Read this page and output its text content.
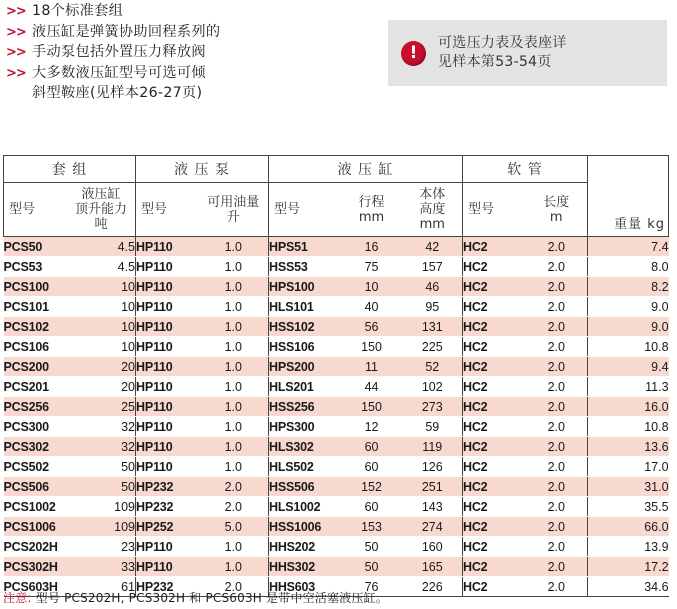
>> 18个标准套组
>> 液压缸是弹簧协助回程系列的
>> 手动泵包括外置压力释放阀
>> 大多数液压缸型号可选可倾
斜型鞍座(见样本26-27页)
!	可选压力表及表座详
见样本第53-54页
套 组		液 压 泵		液 压 缸			软 管		重量 kg
型号	液压缸 顶升能力 吨	型号	可用油量 升	型号	行程 mm	本体 高度 mm	型号	长度 m	
PCS50	4.5	HP110	1.0	HPS51	16	42	HC2	2.0	7.4
PCS53	4.5	HP110	1.0	HSS53	75	157	HC2	2.0	8.0
PCS100	10	HP110	1.0	HPS100	10	46	HC2	2.0	8.2
PCS101	10	HP110	1.0	HLS101	40	95	HC2	2.0	9.0
PCS102	10	HP110	1.0	HSS102	56	131	HC2	2.0	9.0
PCS106	10	HP110	1.0	HSS106	150	225	HC2	2.0	10.8
PCS200	20	HP110	1.0	HPS200	11	52	HC2	2.0	9.4
PCS201	20	HP110	1.0	HLS201	44	102	HC2	2.0	11.3
PCS256	25	HP110	1.0	HSS256	150	273	HC2	2.0	16.0
PCS300	32	HP110	1.0	HPS300	12	59	HC2	2.0	10.8
PCS302	32	HP110	1.0	HLS302	60	119	HC2	2.0	13.6
PCS502	50	HP110	1.0	HLS502	60	126	HC2	2.0	17.0
PCS506	50	HP232	2.0	HSS506	152	251	HC2	2.0	31.0
PCS1002	109	HP232	2.0	HLS1002	60	143	HC2	2.0	35.5
PCS1006	109	HP252	5.0	HSS1006	153	274	HC2	2.0	66.0
PCS202H	23	HP110	1.0	HHS202	50	160	HC2	2.0	13.9
PCS302H	33	HP110	1.0	HHS302	50	165	HC2	2.0	17.2
PCS603H	61	HP232	2.0	HHS603	76	226	HC2	2.0	34.6
注意: 型号 PCS202H, PCS302H 和 PCS603H 是带中空活塞液压缸。
